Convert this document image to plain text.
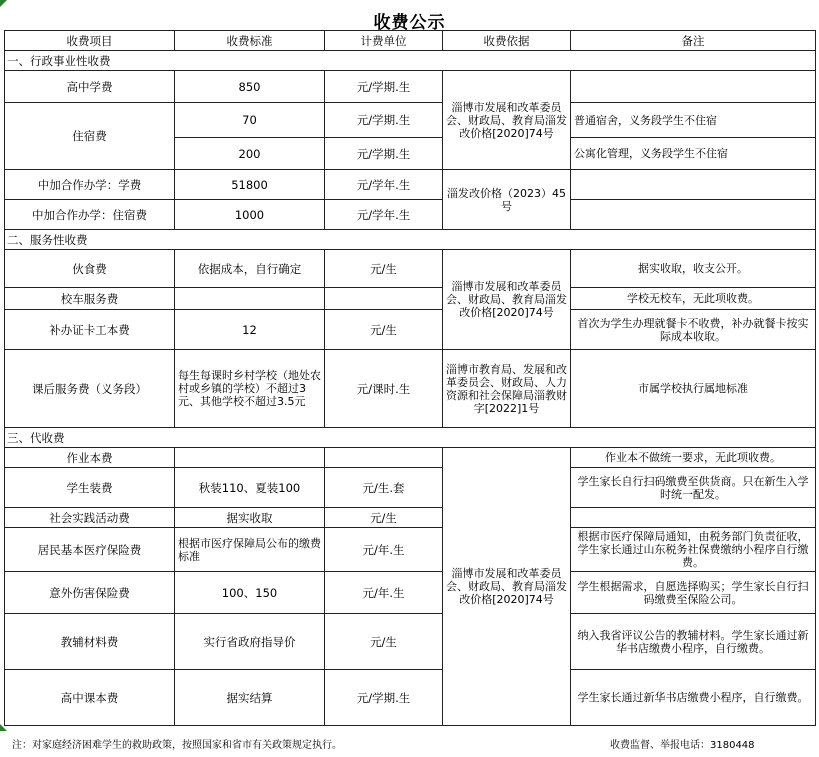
收费公示
收费项目	收费标准	计费单位	收费依据	备注
一、行政事业性收费				
高中学费	850	元/学期.生	淄博市发展和改革委员会、财政局、教育局淄发改价格[2020]74号	
住宿费	70	元/学期.生		普通宿舍，义务段学生不住宿
	200	元/学期.生		公寓化管理，义务段学生不住宿
中加合作办学：学费	51800	元/学年.生	淄发改价格（2023）45号	
中加合作办学：住宿费	1000	元/学年.生		
二、服务性收费				
伙食费	依据成本，自行确定	元/生	淄博市发展和改革委员会、财政局、教育局淄发改价格[2020]74号	据实收取，收支公开。
校车服务费				学校无校车，无此项收费。
补办证卡工本费	12	元/生		首次为学生办理就餐卡不收费，补办就餐卡按实际成本收取。
课后服务费（义务段）	每生每课时乡村学校（地处农村或乡镇的学校）不超过3元、其他学校不超过3.5元	元/课时.生	淄博市教育局、发展和改革委员会、财政局、人力资源和社会保障局淄教财字[2022]1号	市属学校执行属地标准
三、代收费				
作业本费			淄博市发展和改革委员会、财政局、教育局淄发改价格[2020]74号	作业本不做统一要求，无此项收费。
学生装费	秋装110、夏装100	元/生.套		学生家长自行扫码缴费至供货商。只在新生入学时统一配发。
社会实践活动费	据实收取	元/生		
居民基本医疗保险费	根据市医疗保障局公布的缴费标准	元/年.生		根据市医疗保障局通知，由税务部门负责征收，学生家长通过山东税务社保费缴纳小程序自行缴费。
意外伤害保险费	100、150	元/年.生		学生根据需求，自愿选择购买；学生家长自行扫码缴费至保险公司。
教辅材料费	实行省政府指导价	元/生		纳入我省评议公告的教辅材料。学生家长通过新华书店缴费小程序，自行缴费。
高中课本费	据实结算	元/学期.生		学生家长通过新华书店缴费小程序，自行缴费。
注：对家庭经济困难学生的救助政策，按照国家和省市有关政策规定执行。	收费监督、举报电话：3180448
